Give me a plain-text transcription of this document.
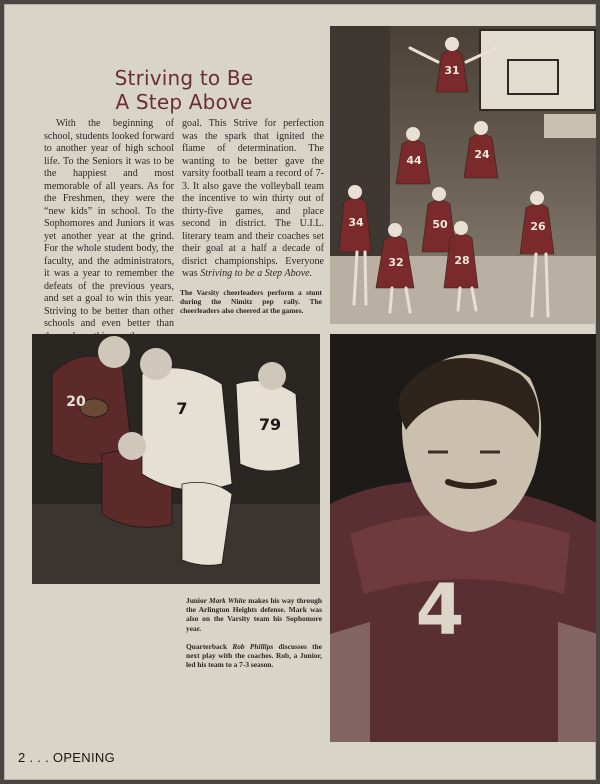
Striving to Be
A Step Above
With the beginning of school, students looked forward to another year of high school life. To the Seniors it was to be the happiest and most memorable of all years. As for the Freshmen, they were the “new kids” in school. To the Sophomores and Juniors it was yet another year at the grind. For the whole student body, the faculty, and the administrators, it was a year to remember the defeats of the previous years, and set a goal to win this year. Striving to be better than other schools and even better than
goal. This Strive for perfection was the spark that ignited the flame of determination. The wanting to be better gave the varsity football team a record of 7-3. It also gave the volleyball team the incentive to win thirty out of thirty-five games, and place second in district. The U.I.L. literary team and their coaches set their goal at a half a decade of disrict championships. Everyone was Striving to be a Step Above.
31
44	24
34	50	26
32	28
The Varsity cheerleaders perform a stunt during the Nimitz pep rally. The cheerleaders also cheered at the games.
7
79
20
Junior Mark White makes his way through the Arlington Heights defense. Mark was also on the Varsity team his Sophomore year.
Quarterback Rob Phillips discusses the next play with the coaches. Rob, a Junior, led his team to a 7-3 season.
4
2 . . . OPENING
